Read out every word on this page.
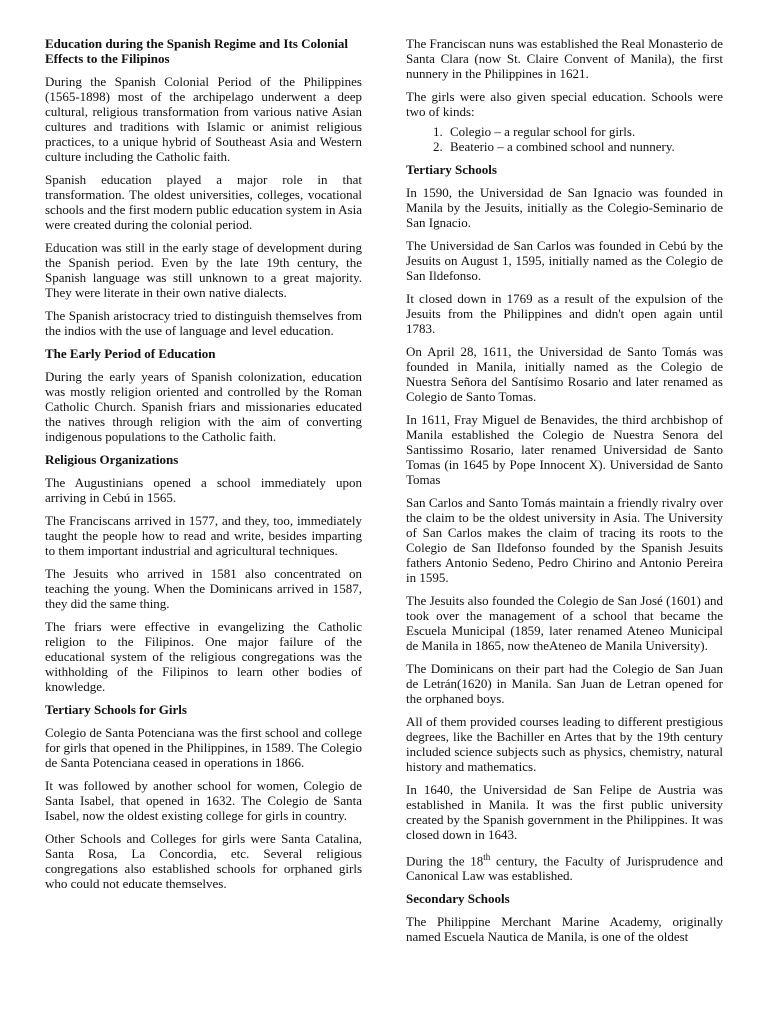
Education during the Spanish Regime and Its Colonial Effects to the Filipinos

During the Spanish Colonial Period of the Philippines (1565-1898) most of the archipelago underwent a deep cultural, religious transformation from various native Asian cultures and traditions with Islamic or animist religious practices, to a unique hybrid of Southeast Asia and Western culture including the Catholic faith.

Spanish education played a major role in that transformation. The oldest universities, colleges, vocational schools and the first modern public education system in Asia were created during the colonial period.

Education was still in the early stage of development during the Spanish period. Even by the late 19th century, the Spanish language was still unknown to a great majority. They were literate in their own native dialects.

The Spanish aristocracy tried to distinguish themselves from the indios with the use of language and level education.

The Early Period of Education

During the early years of Spanish colonization, education was mostly religion oriented and controlled by the Roman Catholic Church. Spanish friars and missionaries educated the natives through religion with the aim of converting indigenous populations to the Catholic faith.

Religious Organizations

The Augustinians opened a school immediately upon arriving in Cebú in 1565.

The Franciscans arrived in 1577, and they, too, immediately taught the people how to read and write, besides imparting to them important industrial and agricultural techniques.

The Jesuits who arrived in 1581 also concentrated on teaching the young. When the Dominicans arrived in 1587, they did the same thing.

The friars were effective in evangelizing the Catholic religion to the Filipinos. One major failure of the educational system of the religious congregations was the withholding of the Filipinos to learn other bodies of knowledge.

Tertiary Schools for Girls

Colegio de Santa Potenciana was the first school and college for girls that opened in the Philippines, in 1589. The Colegio de Santa Potenciana ceased in operations in 1866.

It was followed by another school for women, Colegio de Santa Isabel, that opened in 1632. The Colegio de Santa Isabel, now the oldest existing college for girls in country.

Other Schools and Colleges for girls were Santa Catalina, Santa Rosa, La Concordia, etc. Several religious congregations also established schools for orphaned girls who could not educate themselves.

The Franciscan nuns was established the Real Monasterio de Santa Clara (now St. Claire Convent of Manila), the first nunnery in the Philippines in 1621.

The girls were also given special education. Schools were two of kinds:

1. Colegio – a regular school for girls.
2. Beaterio – a combined school and nunnery.
Tertiary Schools

In 1590, the Universidad de San Ignacio was founded in Manila by the Jesuits, initially as the Colegio-Seminario de San Ignacio.

The Universidad de San Carlos was founded in Cebú by the Jesuits on August 1, 1595, initially named as the Colegio de San Ildefonso.

It closed down in 1769 as a result of the expulsion of the Jesuits from the Philippines and didn't open again until 1783.

On April 28, 1611, the Universidad de Santo Tomás was founded in Manila, initially named as the Colegio de Nuestra Señora del Santísimo Rosario and later renamed as Colegio de Santo Tomas.

In 1611, Fray Miguel de Benavides, the third archbishop of Manila established the Colegio de Nuestra Senora del Santissimo Rosario, later renamed Universidad de Santo Tomas (in 1645 by Pope Innocent X). Universidad de Santo Tomas

San Carlos and Santo Tomás maintain a friendly rivalry over the claim to be the oldest university in Asia. The University of San Carlos makes the claim of tracing its roots to the Colegio de San Ildefonso founded by the Spanish Jesuits fathers Antonio Sedeno, Pedro Chirino and Antonio Pereira in 1595.

The Jesuits also founded the Colegio de San José (1601) and took over the management of a school that became the Escuela Municipal (1859, later renamed Ateneo Municipal de Manila in 1865, now theAteneo de Manila University).

The Dominicans on their part had the Colegio de San Juan de Letrán(1620) in Manila. San Juan de Letran opened for the orphaned boys.

All of them provided courses leading to different prestigious degrees, like the Bachiller en Artes that by the 19th century included science subjects such as physics, chemistry, natural history and mathematics.

In 1640, the Universidad de San Felipe de Austria was established in Manila. It was the first public university created by the Spanish government in the Philippines. It was closed down in 1643.

During the 18th century, the Faculty of Jurisprudence and Canonical Law was established.

Secondary Schools

The Philippine Merchant Marine Academy, originally named Escuela Nautica de Manila, is one of the oldest
